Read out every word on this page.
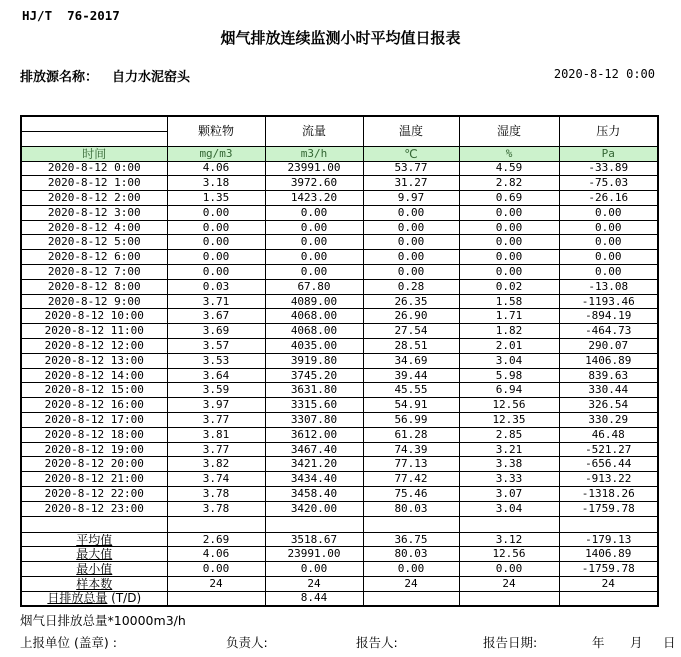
HJ/T  76-2017
烟气排放连续监测小时平均值日报表
排放源名称： 自力水泥窑头	2020-8-12 0:00
	颗粒物	流量	温度	湿度	压力

时间	mg/m3	m3/h	℃	%	Pa
2020-8-12 0:00	4.06	23991.00	53.77	4.59	-33.89
2020-8-12 1:00	3.18	3972.60	31.27	2.82	-75.03
2020-8-12 2:00	1.35	1423.20	9.97	0.69	-26.16
2020-8-12 3:00	0.00	0.00	0.00	0.00	0.00
2020-8-12 4:00	0.00	0.00	0.00	0.00	0.00
2020-8-12 5:00	0.00	0.00	0.00	0.00	0.00
2020-8-12 6:00	0.00	0.00	0.00	0.00	0.00
2020-8-12 7:00	0.00	0.00	0.00	0.00	0.00
2020-8-12 8:00	0.03	67.80	0.28	0.02	-13.08
2020-8-12 9:00	3.71	4089.00	26.35	1.58	-1193.46
2020-8-12 10:00	3.67	4068.00	26.90	1.71	-894.19
2020-8-12 11:00	3.69	4068.00	27.54	1.82	-464.73
2020-8-12 12:00	3.57	4035.00	28.51	2.01	290.07
2020-8-12 13:00	3.53	3919.80	34.69	3.04	1406.89
2020-8-12 14:00	3.64	3745.20	39.44	5.98	839.63
2020-8-12 15:00	3.59	3631.80	45.55	6.94	330.44
2020-8-12 16:00	3.97	3315.60	54.91	12.56	326.54
2020-8-12 17:00	3.77	3307.80	56.99	12.35	330.29
2020-8-12 18:00	3.81	3612.00	61.28	2.85	46.48
2020-8-12 19:00	3.77	3467.40	74.39	3.21	-521.27
2020-8-12 20:00	3.82	3421.20	77.13	3.38	-656.44
2020-8-12 21:00	3.74	3434.40	77.42	3.33	-913.22
2020-8-12 22:00	3.78	3458.40	75.46	3.07	-1318.26
2020-8-12 23:00	3.78	3420.00	80.03	3.04	-1759.78

平均值	2.69	3518.67	36.75	3.12	-179.13
最大值	4.06	23991.00	80.03	12.56	1406.89
最小值	0.00	0.00	0.00	0.00	-1759.78
样本数	24	24	24	24	24
日排放总量 (T/D)		8.44			
烟气日排放总量*10000m3/h
上报单位 (盖章) :	负责人:	报告人:	报告日期:	年 月 日
